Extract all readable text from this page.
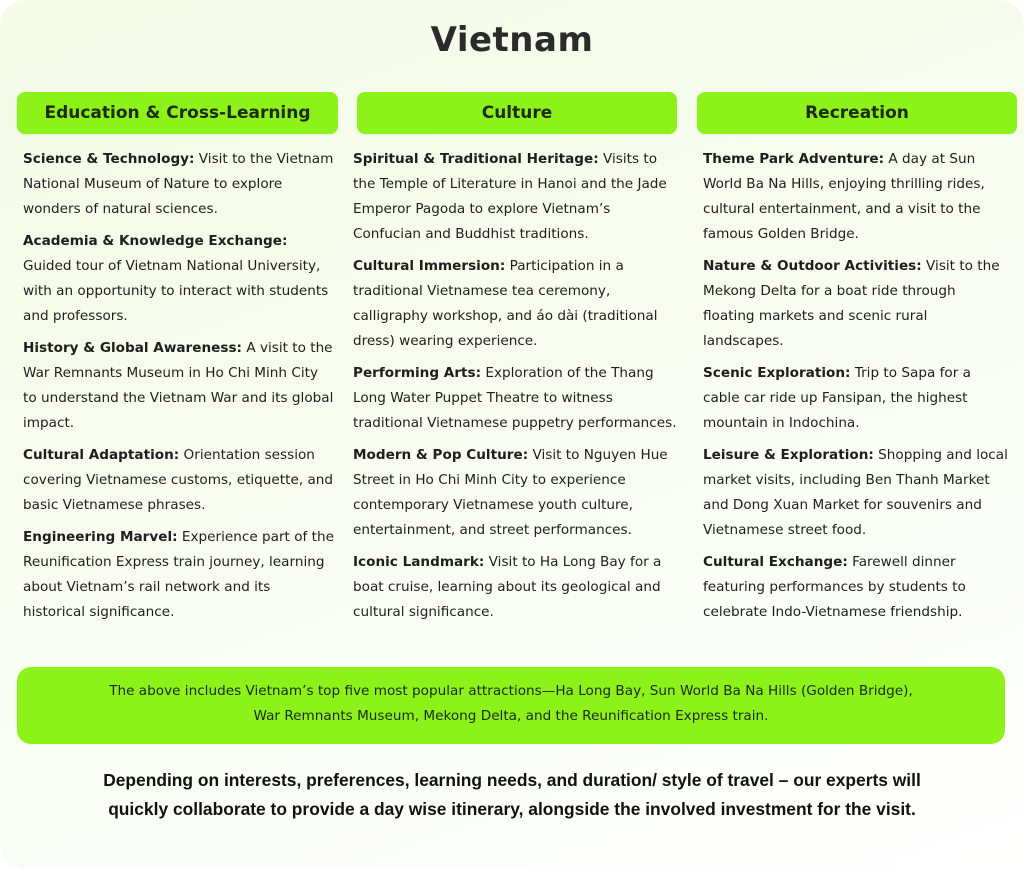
Vietnam
Education & Cross-Learning	Culture	Recreation
Science & Technology: Visit to the Vietnam National Museum of Nature to explore wonders of natural sciences.
Academia & Knowledge Exchange: Guided tour of Vietnam National University, with an opportunity to interact with students and professors.
History & Global Awareness: A visit to the War Remnants Museum in Ho Chi Minh City to understand the Vietnam War and its global impact.
Cultural Adaptation: Orientation session covering Vietnamese customs, etiquette, and basic Vietnamese phrases.
Engineering Marvel: Experience part of the Reunification Express train journey, learning about Vietnam’s rail network and its historical significance.
Spiritual & Traditional Heritage: Visits to the Temple of Literature in Hanoi and the Jade Emperor Pagoda to explore Vietnam’s Confucian and Buddhist traditions.
Cultural Immersion: Participation in a traditional Vietnamese tea ceremony, calligraphy workshop, and áo dài (traditional dress) wearing experience.
Performing Arts: Exploration of the Thang Long Water Puppet Theatre to witness traditional Vietnamese puppetry performances.
Modern & Pop Culture: Visit to Nguyen Hue Street in Ho Chi Minh City to experience contemporary Vietnamese youth culture, entertainment, and street performances.
Iconic Landmark: Visit to Ha Long Bay for a boat cruise, learning about its geological and cultural significance.
Theme Park Adventure: A day at Sun World Ba Na Hills, enjoying thrilling rides, cultural entertainment, and a visit to the famous Golden Bridge.
Nature & Outdoor Activities: Visit to the Mekong Delta for a boat ride through floating markets and scenic rural landscapes.
Scenic Exploration: Trip to Sapa for a cable car ride up Fansipan, the highest mountain in Indochina.
Leisure & Exploration: Shopping and local market visits, including Ben Thanh Market and Dong Xuan Market for souvenirs and Vietnamese street food.
Cultural Exchange: Farewell dinner featuring performances by students to celebrate Indo-Vietnamese friendship.
The above includes Vietnam’s top five most popular attractions—Ha Long Bay, Sun World Ba Na Hills (Golden Bridge),
War Remnants Museum, Mekong Delta, and the Reunification Express train.
Depending on interests, preferences, learning needs, and duration/ style of travel – our experts will
quickly collaborate to provide a day wise itinerary, alongside the involved investment for the visit.
